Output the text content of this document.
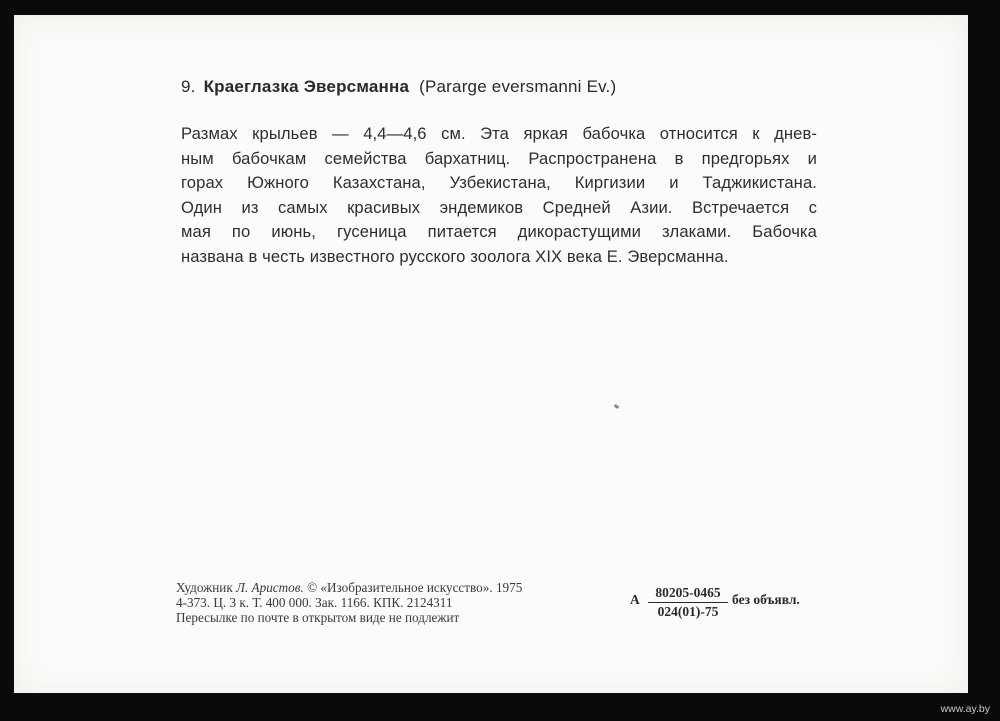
9. Краеглазка Эверсманна (Pararge eversmanni Ev.)
Размах крыльев — 4,4—4,6 см. Эта яркая бабочка относится к днев-
ным бабочкам семейства бархатниц. Распространена в предгорьях и
горах Южного Казахстана, Узбекистана, Киргизии и Таджикистана.
Один из самых красивых эндемиков Средней Азии. Встречается с
мая по июнь, гусеница питается дикорастущими злаками. Бабочка
названа в честь известного русского зоолога XIX века Е. Эверсманна.
Художник Л. Аристов. © «Изобразительное искусство». 1975
4-373. Ц. 3 к. Т. 400 000. Зак. 1166. КПК. 2124311
Пересылке по почте в открытом виде не подлежит
А $\frac{80205-0465}{024(01)-75}$ без объявл.
www.ay.by
